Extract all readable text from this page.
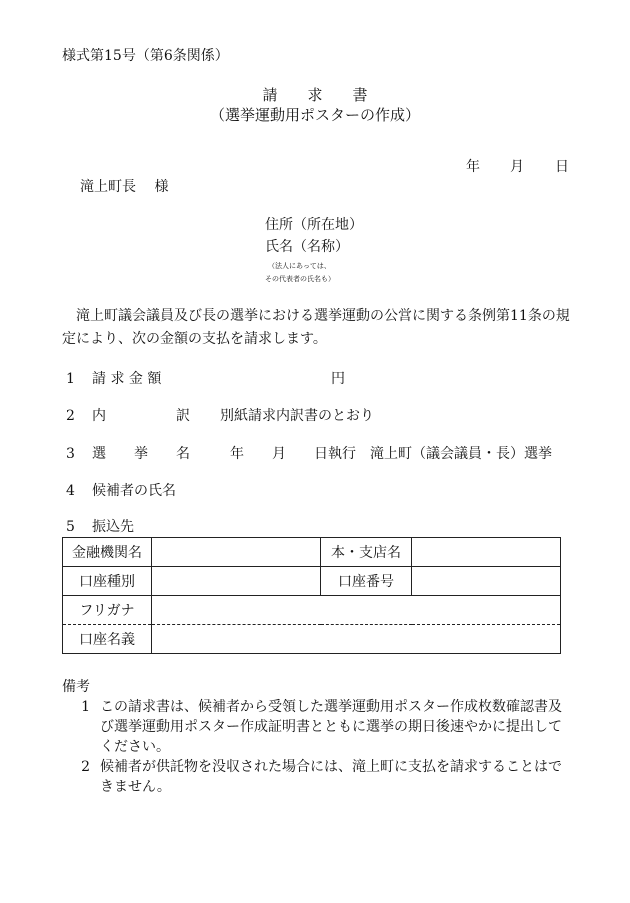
様式第15号（第6条関係）
請　　求　　書
（選挙運動用ポスターの作成）
年 月 日
滝上町長　 様
住所（所在地）
氏名（名称）
（法人にあっては、
その代表者の氏名も）
滝上町議会議員及び長の選挙における選挙運動の公営に関する条例第11条の規定により、次の金額の支払を請求します。
1 請 求 金 額	円
2 内　　　　　訳 別紙請求内訳書のとおり
3 選　　挙　　名	年　　月　　日執行　滝上町（議会議員・長）選挙
4 候補者の氏名
5 振込先
金融機関名		本・支店名	
口座種別		口座番号	
フリガナ			
口座名義			
備考
1 この請求書は、候補者から受領した選挙運動用ポスター作成枚数確認書及び選挙運動用ポスター作成証明書とともに選挙の期日後速やかに提出してください。
2 候補者が供託物を没収された場合には、滝上町に支払を請求することはできません。
